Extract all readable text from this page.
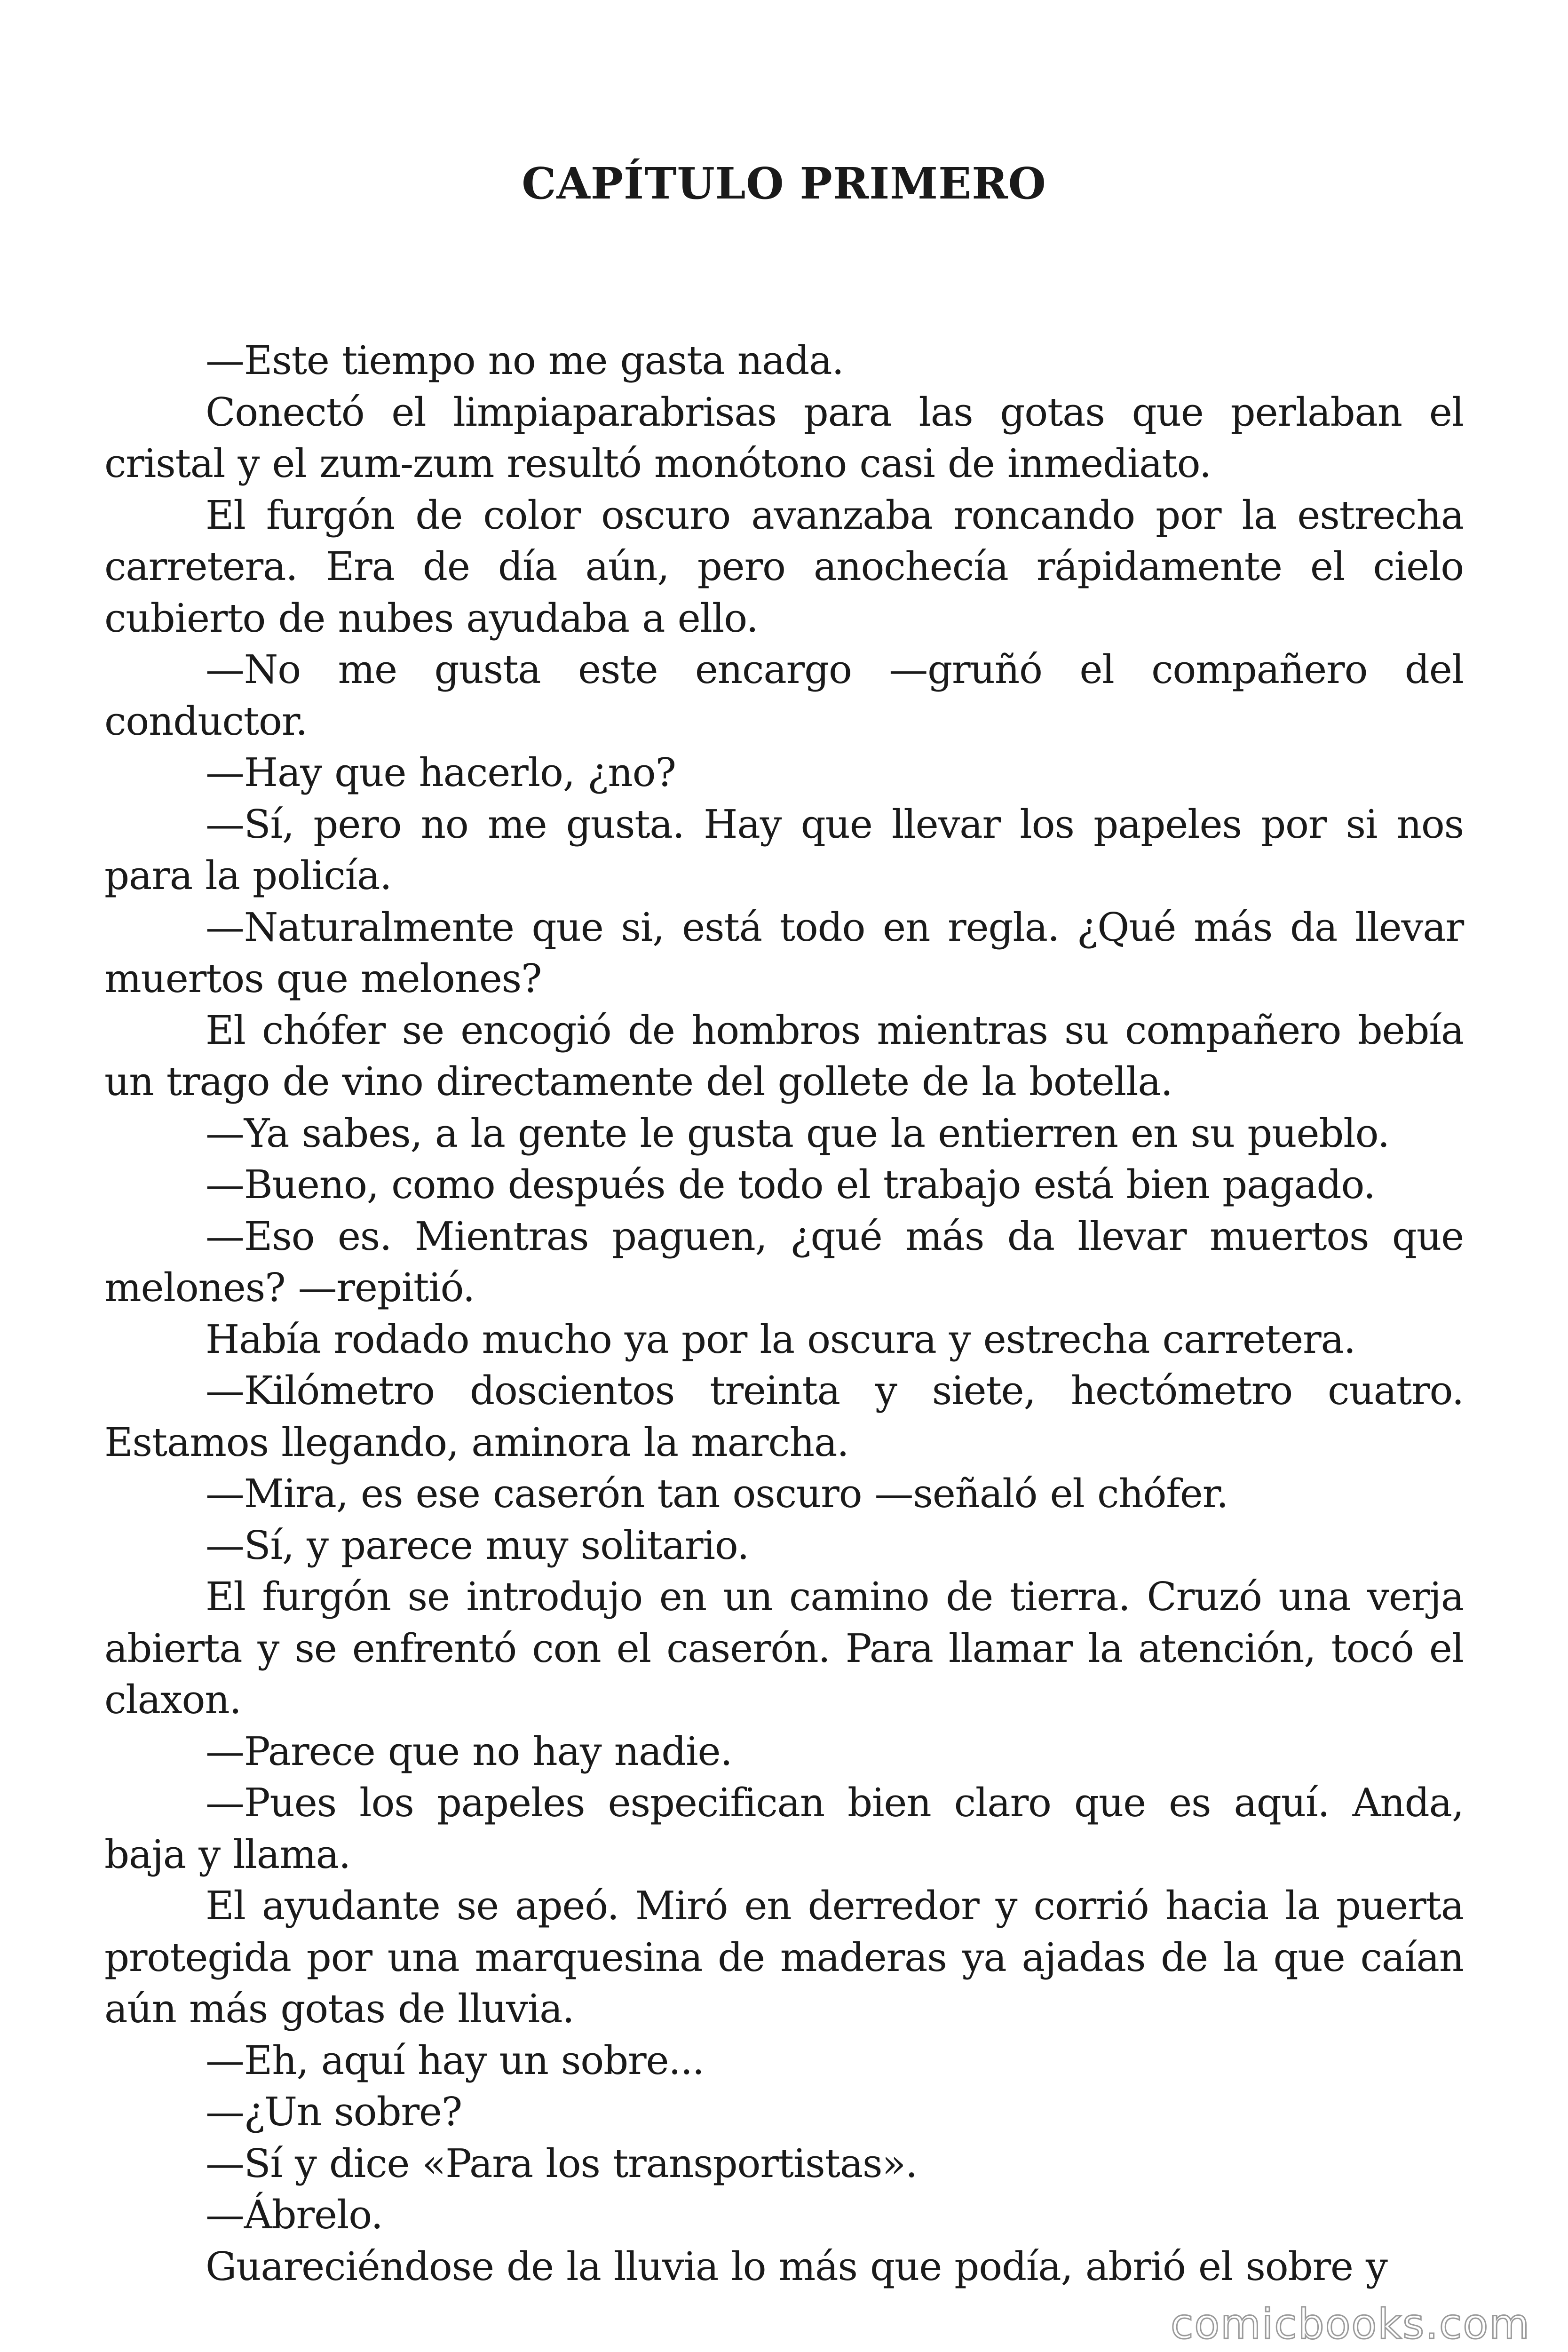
CAPÍTULO PRIMERO

—Este tiempo no me gasta nada.

Conectó el limpiaparabrisas para las gotas que perlaban el cristal y el zum-zum resultó monótono casi de inmediato.

El furgón de color oscuro avanzaba roncando por la estrecha carretera. Era de día aún, pero anochecía rápidamente el cielo cubierto de nubes ayudaba a ello.

—No me gusta este encargo —gruñó el compañero del conductor.

—Hay que hacerlo, ¿no?

—Sí, pero no me gusta. Hay que llevar los papeles por si nos para la policía.

—Naturalmente que si, está todo en regla. ¿Qué más da llevar muertos que melones?

El chófer se encogió de hombros mientras su compañero bebía un trago de vino directamente del gollete de la botella.

—Ya sabes, a la gente le gusta que la entierren en su pueblo.

—Bueno, como después de todo el trabajo está bien pagado.

—Eso es. Mientras paguen, ¿qué más da llevar muertos que melones? —repitió.

Había rodado mucho ya por la oscura y estrecha carretera.

—Kilómetro doscientos treinta y siete, hectómetro cuatro. Estamos llegando, aminora la marcha.

—Mira, es ese caserón tan oscuro —señaló el chófer.

—Sí, y parece muy solitario.

El furgón se introdujo en un camino de tierra. Cruzó una verja abierta y se enfrentó con el caserón. Para llamar la atención, tocó el claxon.

—Parece que no hay nadie.

—Pues los papeles especifican bien claro que es aquí. Anda, baja y llama.

El ayudante se apeó. Miró en derredor y corrió hacia la puerta protegida por una marquesina de maderas ya ajadas de la que caían aún más gotas de lluvia.

—Eh, aquí hay un sobre...

—¿Un sobre?

—Sí y dice «Para los transportistas».

—Ábrelo.

Guareciéndose de la lluvia lo más que podía, abrió el sobre y

comicbooks.com
